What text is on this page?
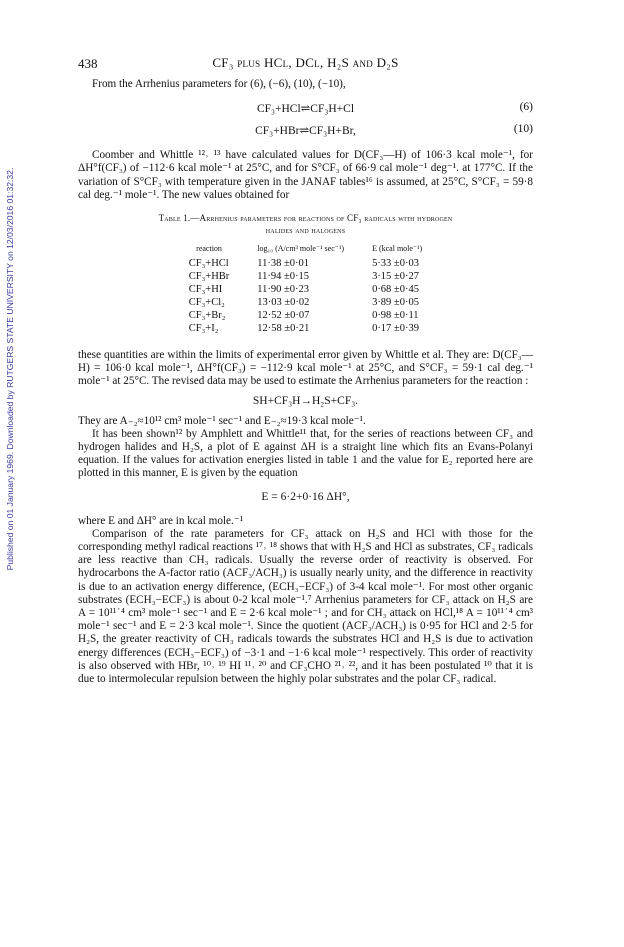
Published on 01 January 1969. Downloaded by RUTGERS STATE UNIVERSITY on 12/03/2016 01:32:32.
438	CF₃ plus HCl, DCl, H₂S and D₂S

From the Arrhenius parameters for (6), (−6), (10), (−10),

CF₃+HCl⇌CF₃H+Cl	(6)
CF₃+HBr⇌CF₃H+Br,	(10)

Coomber and Whittle ¹²˒ ¹³ have calculated values for D(CF₃—H) of 106·3 kcal mole⁻¹, for ΔH°f(CF₃) of −112·6 kcal mole⁻¹ at 25°C, and for S°CF₃ of 66·9 cal mole⁻¹ deg⁻¹. at 177°C. If the variation of S°CF₃ with temperature given in the JANAF tables¹⁶ is assumed, at 25°C, S°CF₃ = 59·8 cal deg.⁻¹ mole⁻¹. The new values obtained for

Table 1.—Arrhenius parameters for reactions of CF₃ radicals with hydrogen
halides and halogens
reaction	log₁₀ (A/cm³ mole⁻¹ sec⁻¹)	E (kcal mole⁻¹)
CF₃+HCl	11·38 ±0·01	5·33 ±0·03
CF₃+HBr	11·94 ±0·15	3·15 ±0·27
CF₃+HI	11·90 ±0·23	0·68 ±0·45
CF₃+Cl₂	13·03 ±0·02	3·89 ±0·05
CF₃+Br₂	12·52 ±0·07	0·98 ±0·11
CF₃+I₂	12·58 ±0·21	0·17 ±0·39

these quantities are within the limits of experimental error given by Whittle et al. They are: D(CF₃—H) = 106·0 kcal mole⁻¹, ΔH°f(CF₃) = −112·9 kcal mole⁻¹ at 25°C, and S°CF₃ = 59·1 cal deg.⁻¹ mole⁻¹ at 25°C. The revised data may be used to estimate the Arrhenius parameters for the reaction :

SH+CF₃H→H₂S+CF₃.

They are A₋₂≈10¹² cm³ mole⁻¹ sec⁻¹ and E₋₂≈19·3 kcal mole⁻¹.

It has been shown¹² by Amphlett and Whittle¹¹ that, for the series of reactions between CF₃ and hydrogen halides and H₂S, a plot of E against ΔH is a straight line which fits an Evans-Polanyi equation. If the values for activation energies listed in table 1 and the value for E₂ reported here are plotted in this manner, E is given by the equation

E = 6·2+0·16 ΔH°,

where E and ΔH° are in kcal mole.⁻¹

Comparison of the rate parameters for CF₃ attack on H₂S and HCl with those for the corresponding methyl radical reactions ¹⁷˒ ¹⁸ shows that with H₂S and HCl as substrates, CF₃ radicals are less reactive than CH₃ radicals. Usually the reverse order of reactivity is observed. For hydrocarbons the A-factor ratio (ACF₃/ACH₃) is usually nearly unity, and the difference in reactivity is due to an activation energy difference, (ECH₃−ECF₃) of 3-4 kcal mole⁻¹. For most other organic substrates (ECH₃−ECF₃) is about 0-2 kcal mole⁻¹.⁷ Arrhenius parameters for CF₃ attack on H₂S are A = 10¹¹˙⁴ cm³ mole⁻¹ sec⁻¹ and E = 2·6 kcal mole⁻¹ ; and for CH₃ attack on HCl,¹⁸ A = 10¹¹˙⁴ cm³ mole⁻¹ sec⁻¹ and E = 2·3 kcal mole⁻¹. Since the quotient (ACF₃/ACH₃) is 0·95 for HCl and 2·5 for H₂S, the greater reactivity of CH₃ radicals towards the substrates HCl and H₂S is due to activation energy differences (ECH₃−ECF₃) of −3·1 and −1·6 kcal mole⁻¹ respectively. This order of reactivity is also observed with HBr, ¹⁰˒ ¹⁹ HI ¹¹˒ ²⁰ and CF₃CHO ²¹˒ ²², and it has been postulated ¹⁰ that it is due to intermolecular repulsion between the highly polar substrates and the polar CF₃ radical.
